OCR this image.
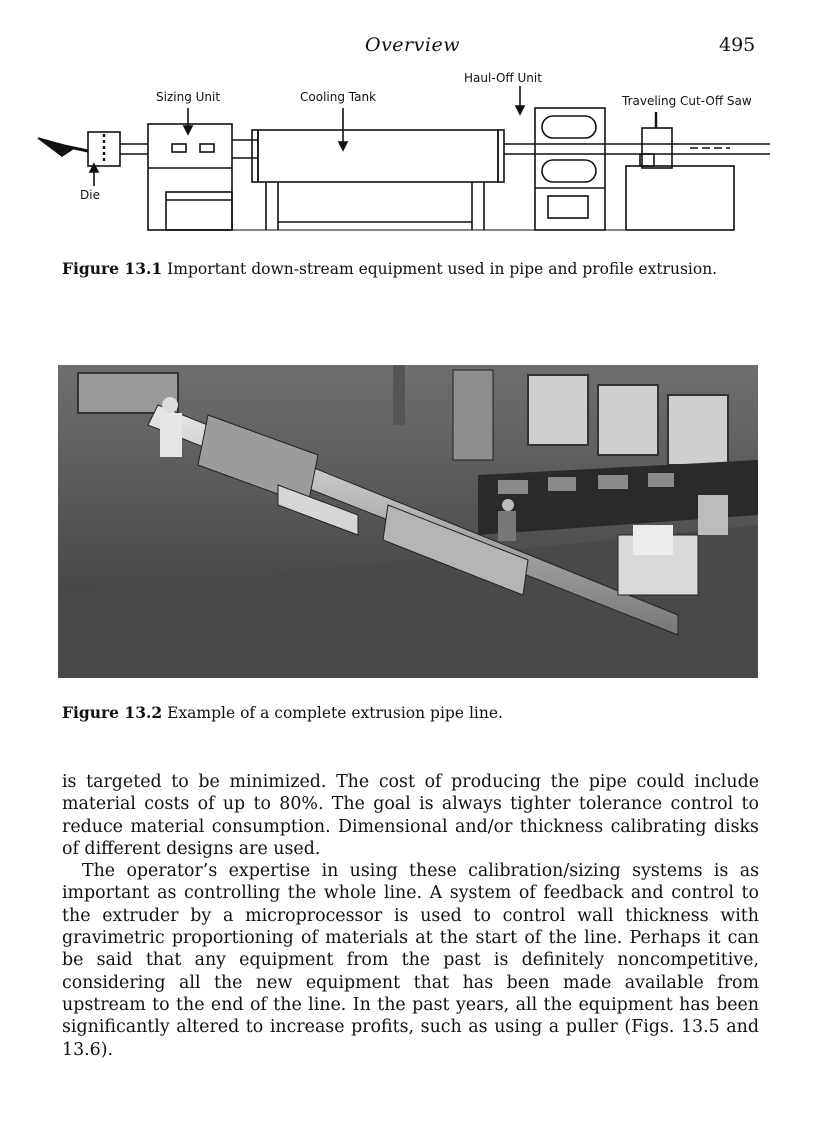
Overview	495
Sizing Unit	Cooling Tank
Haul-Off Unit
Traveling Cut-Off Saw
Die
Figure 13.1 Important down-stream equipment used in pipe and profile extrusion.
Figure 13.2 Example of a complete extrusion pipe line.

is targeted to be minimized. The cost of producing the pipe could include material costs of up to 80%. The goal is always tighter tolerance control to reduce material consumption. Dimensional and/or thickness calibrating disks of different designs are used.

The operator’s expertise in using these calibration/sizing systems is as important as controlling the whole line. A system of feedback and control to the extruder by a microprocessor is used to control wall thickness with gravimetric proportioning of materials at the start of the line. Perhaps it can be said that any equipment from the past is definitely noncompetitive, considering all the new equipment that has been made available from upstream to the end of the line. In the past years, all the equipment has been significantly altered to increase profits, such as using a puller (Figs. 13.5 and 13.6).
